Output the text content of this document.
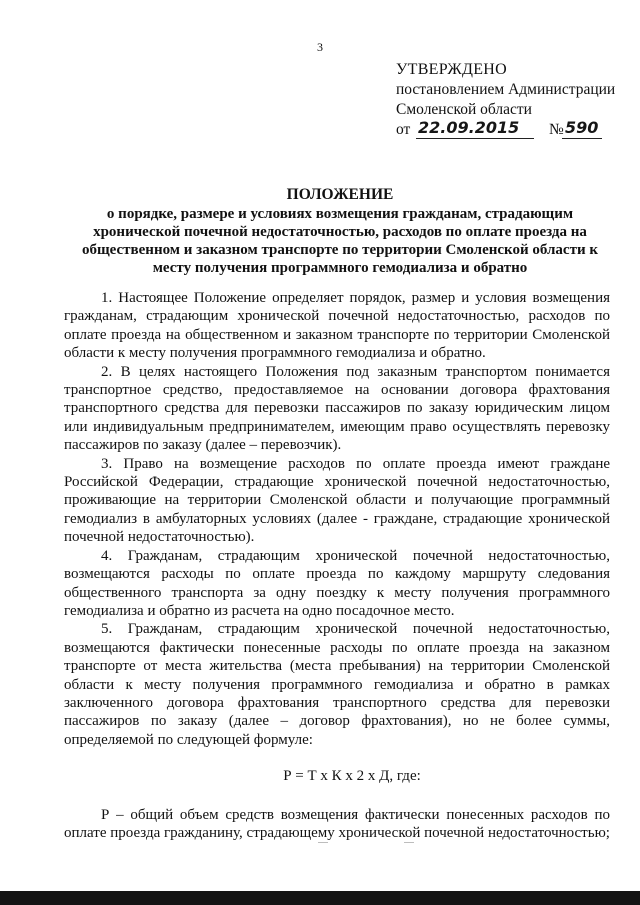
3
УТВЕРЖДЕНО
постановлением Администрации
Смоленской области
от 22.09.2015 № 590
ПОЛОЖЕНИЕ
о порядке, размере и условиях возмещения гражданам, страдающим
хронической почечной недостаточностью, расходов по оплате проезда на
общественном и заказном транспорте по территории Смоленской области к
месту получения программного гемодиализа и обратно

1. Настоящее Положение определяет порядок, размер и условия возмещения гражданам, страдающим хронической почечной недостаточностью, расходов по оплате проезда на общественном и заказном транспорте по территории Смоленской области к месту получения программного гемодиализа и обратно.

2. В целях настоящего Положения под заказным транспортом понимается транспортное средство, предоставляемое на основании договора фрахтования транспортного средства для перевозки пассажиров по заказу юридическим лицом или индивидуальным предпринимателем, имеющим право осуществлять перевозку пассажиров по заказу (далее – перевозчик).

3. Право на возмещение расходов по оплате проезда имеют граждане Российской Федерации, страдающие хронической почечной недостаточностью, проживающие на территории Смоленской области и получающие программный гемодиализ в амбулаторных условиях (далее - граждане, страдающие хронической почечной недостаточностью).

4. Гражданам, страдающим хронической почечной недостаточностью, возмещаются расходы по оплате проезда по каждому маршруту следования общественного транспорта за одну поездку к месту получения программного гемодиализа и обратно из расчета на одно посадочное место.

5. Гражданам, страдающим хронической почечной недостаточностью, возмещаются фактически понесенные расходы по оплате проезда на заказном транспорте от места жительства (места пребывания) на территории Смоленской области к месту получения программного гемодиализа и обратно в рамках заключенного договора фрахтования транспортного средства для перевозки пассажиров по заказу (далее – договор фрахтования), но не более суммы, определяемой по следующей формуле:

Р = Т х К х 2 х Д, где:

Р – общий объем средств возмещения фактически понесенных расходов по оплате проезда гражданину, страдающему хронической почечной недостаточностью;
